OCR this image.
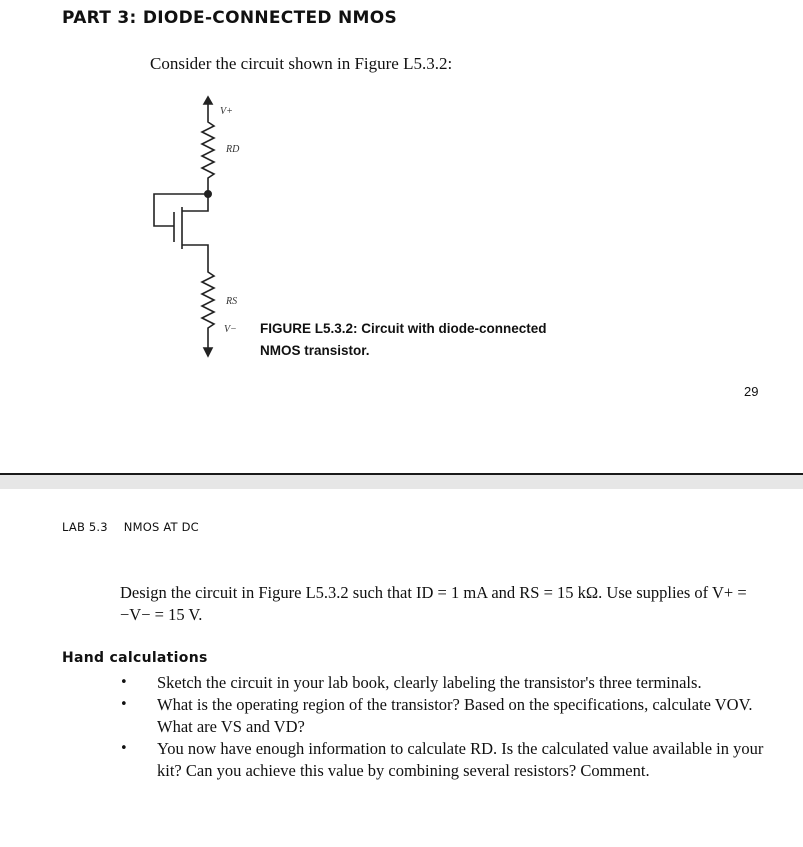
PART 3: DIODE-CONNECTED NMOS
Consider the circuit shown in Figure L5.3.2:
V+
RD
RS
V− FIGURE L5.3.2: Circuit with diode-connected NMOS transistor.
29
LAB 5.3 NMOS AT DC
Design the circuit in Figure L5.3.2 such that ID = 1 mA and RS = 15 kΩ. Use supplies of V+ = −V− = 15 V.
Hand calculations
• Sketch the circuit in your lab book, clearly labeling the transistor's three terminals.
• What is the operating region of the transistor? Based on the specifications, calculate VOV. What are VS and VD?
• You now have enough information to calculate RD. Is the calculated value available in your kit? Can you achieve this value by combining several resistors? Comment.
